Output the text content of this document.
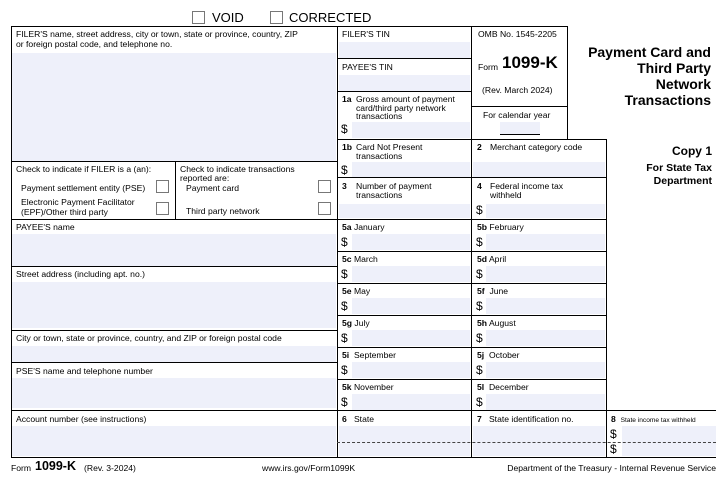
VOID	CORRECTED
FILER'S name, street address, city or town, state or province, country, ZIP
or foreign postal code, and telephone no.
FILER'S TIN
PAYEE'S TIN
OMB No. 1545-2205
Form 1099-K
(Rev. March 2024)
For calendar year
Payment Card and
Third Party
Network
Transactions
Copy 1
For State Tax
Department
Check to indicate if FILER is a (an):
Payment settlement entity (PSE)
Electronic Payment Facilitator
(EPF)/Other third party
Check to indicate transactions
reported are:
Payment card
Third party network
1a Gross amount of payment
card/third party network
transactions
$
1b Card Not Present
transactions
$
2 Merchant category code
3 Number of payment
transactions
4 Federal income tax
withheld
$
5a January
$
5b February
$
5c March
$
5d April
$
5e May
$
5f June
$
5g July
$
5h August
$
5i September
$
5j October
$
5k November
$
5l December
$
6 State	7 State identification no.	8 State income tax withheld
$
$
PAYEE'S name
Street address (including apt. no.)
City or town, state or province, country, and ZIP or foreign postal code
PSE'S name and telephone number
Account number (see instructions)
Form 1099-K (Rev. 3-2024)	www.irs.gov/Form1099K	Department of the Treasury - Internal Revenue Service
